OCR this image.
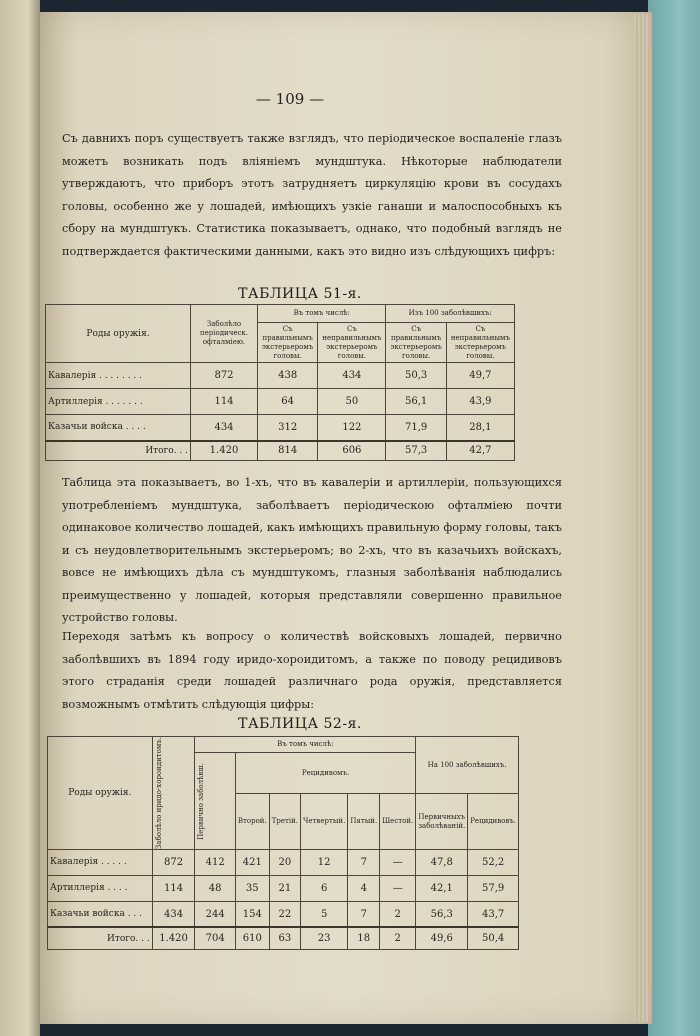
— 109 —
Съ давнихъ поръ существуетъ также взглядъ, что періодическое воспаленіе глазъ можетъ возникать подъ вліяніемъ мундштука. Нѣкоторые наблюдатели утверждаютъ, что приборъ этотъ затрудняетъ циркуляцію крови въ сосудахъ головы, особенно же у лошадей, имѣющихъ узкіе ганаши и малоспособныхъ къ сбору на мундштукъ. Статистика показываетъ, однако, что подобный взглядъ не подтверждается фактическими данными, какъ это видно изъ слѣдующихъ цифръ:
ТАБЛИЦА 51-я.
Роды оружія.	Заболѣло періодическ. офталміею.	Въ томъ числѣ:		Изъ 100 заболѣвшихъ:	
		Съ правильнымъ экстерьеромъ головы.	Съ неправильнымъ экстерьеромъ головы.	Съ правильнымъ экстерьеромъ головы.	Съ неправильнымъ экстерьеромъ головы.
Кавалерія . . . . . . . .	872	438	434	50,3	49,7
Артиллерія . . . . . . .	114	64	50	56,1	43,9
Казачьи войска . . . .	434	312	122	71,9	28,1
Итого. . .	1.420	814	606	57,3	42,7
Таблица эта показываетъ, во 1-хъ, что въ кавалеріи и артиллеріи, пользующихся употребленіемъ мундштука, заболѣваетъ періодическою офталміею почти одинаковое количество лошадей, какъ имѣющихъ правильную форму головы, такъ и съ неудовлетворительнымъ экстерьеромъ; во 2-хъ, что въ казачьихъ войскахъ, вовсе не имѣющихъ дѣла съ мундштукомъ, глазныя заболѣванія наблюдались преимущественно у лошадей, которыя представляли совершенно правильное устройство головы.
Переходя затѣмъ къ вопросу о количествѣ войсковыхъ лошадей, первично заболѣвшихъ въ 1894 году иридо-хороидитомъ, а также по поводу рецидивовъ этого страданія среди лошадей различнаго рода оружія, представляется возможнымъ отмѣтить слѣдующія цифры:
ТАБЛИЦА 52-я.
Роды оружія.	Заболѣло иридо-хороидитомъ.	Въ томъ числѣ:						На 100 заболѣвшихъ.	

		Первично заболѣвш.	Рецидивомъ.						
			Второй.	Третій.	Четвертый.	Пятый.	Шестой.	Первичныхъ заболѣваній.	Рецидивовъ.
Кавалерія . . . . .	872	412	421	20	12	7	—	47,8	52,2
Артиллерія . . . .	114	48	35	21	6	4	—	42,1	57,9
Казачьи войска . . .	434	244	154	22	5	7	2	56,3	43,7
Итого. . .	1.420	704	610	63	23	18	2	49,6	50,4
